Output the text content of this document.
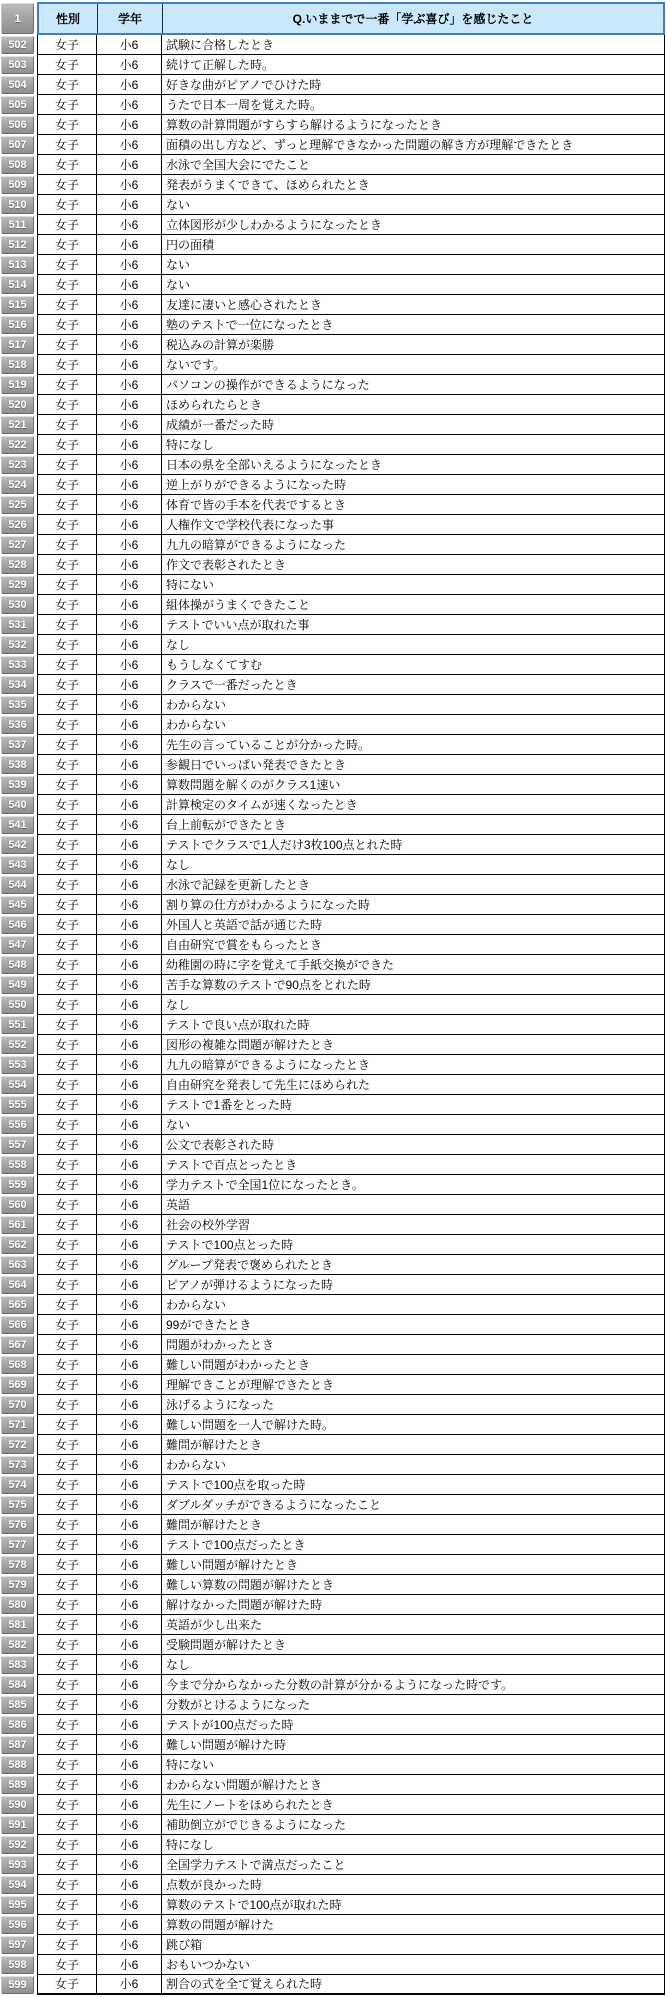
1	性別	学年	Q.いままでで一番「学ぶ喜び」を感じたこと
502	女子	小6	試験に合格したとき
503	女子	小6	続けて正解した時。
504	女子	小6	好きな曲がピアノでひけた時
505	女子	小6	うたで日本一周を覚えた時。
506	女子	小6	算数の計算問題がすらすら解けるようになったとき
507	女子	小6	面積の出し方など、ずっと理解できなかった問題の解き方が理解できたとき
508	女子	小6	水泳で全国大会にでたこと
509	女子	小6	発表がうまくできて、ほめられたとき
510	女子	小6	ない
511	女子	小6	立体図形が少しわかるようになったとき
512	女子	小6	円の面積
513	女子	小6	ない
514	女子	小6	ない
515	女子	小6	友達に凄いと感心されたとき
516	女子	小6	塾のテストで一位になったとき
517	女子	小6	税込みの計算が楽勝
518	女子	小6	ないです。
519	女子	小6	パソコンの操作ができるようになった
520	女子	小6	ほめられたらとき
521	女子	小6	成績が一番だった時
522	女子	小6	特になし
523	女子	小6	日本の県を全部いえるようになったとき
524	女子	小6	逆上がりができるようになった時
525	女子	小6	体育で皆の手本を代表でするとき
526	女子	小6	人権作文で学校代表になった事
527	女子	小6	九九の暗算ができるようになった
528	女子	小6	作文で表彰されたとき
529	女子	小6	特にない
530	女子	小6	組体操がうまくできたこと
531	女子	小6	テストでいい点が取れた事
532	女子	小6	なし
533	女子	小6	もうしなくてすむ
534	女子	小6	クラスで一番だったとき
535	女子	小6	わからない
536	女子	小6	わからない
537	女子	小6	先生の言っていることが分かった時。
538	女子	小6	参観日でいっぱい発表できたとき
539	女子	小6	算数問題を解くのがクラス1速い
540	女子	小6	計算検定のタイムが速くなったとき
541	女子	小6	台上前転ができたとき
542	女子	小6	テストでクラスで1人だけ3枚100点とれた時
543	女子	小6	なし
544	女子	小6	水泳で記録を更新したとき
545	女子	小6	割り算の仕方がわかるようになった時
546	女子	小6	外国人と英語で話が通じた時
547	女子	小6	自由研究で賞をもらったとき
548	女子	小6	幼稚園の時に字を覚えて手紙交換ができた
549	女子	小6	苦手な算数のテストで90点をとれた時
550	女子	小6	なし
551	女子	小6	テストで良い点が取れた時
552	女子	小6	図形の複雑な問題が解けたとき
553	女子	小6	九九の暗算ができるようになったとき
554	女子	小6	自由研究を発表して先生にほめられた
555	女子	小6	テストで1番をとった時
556	女子	小6	ない
557	女子	小6	公文で表彰された時
558	女子	小6	テストで百点とったとき
559	女子	小6	学力テストで全国1位になったとき。
560	女子	小6	英語
561	女子	小6	社会の校外学習
562	女子	小6	テストで100点とった時
563	女子	小6	グループ発表で褒められたとき
564	女子	小6	ピアノが弾けるようになった時
565	女子	小6	わからない
566	女子	小6	99ができたとき
567	女子	小6	問題がわかったとき
568	女子	小6	難しい問題がわかったとき
569	女子	小6	理解できことが理解できたとき
570	女子	小6	泳げるようになった
571	女子	小6	難しい問題を一人で解けた時。
572	女子	小6	難問が解けたとき
573	女子	小6	わからない
574	女子	小6	テストで100点を取った時
575	女子	小6	ダブルダッチができるようになったこと
576	女子	小6	難問が解けたとき
577	女子	小6	テストで100点だったとき
578	女子	小6	難しい問題が解けたとき
579	女子	小6	難しい算数の問題が解けたとき
580	女子	小6	解けなかった問題が解けた時
581	女子	小6	英語が少し出来た
582	女子	小6	受験問題が解けたとき
583	女子	小6	なし
584	女子	小6	今まで分からなかった分数の計算が分かるようになった時です。
585	女子	小6	分数がとけるようになった
586	女子	小6	テストが100点だった時
587	女子	小6	難しい問題が解けた時
588	女子	小6	特にない
589	女子	小6	わからない問題が解けたとき
590	女子	小6	先生にノートをほめられたとき
591	女子	小6	補助倒立がでじきるようになった
592	女子	小6	特になし
593	女子	小6	全国学力テストで満点だったこと
594	女子	小6	点数が良かった時
595	女子	小6	算数のテストで100点が取れた時
596	女子	小6	算数の問題が解けた
597	女子	小6	跳び箱
598	女子	小6	おもいつかない
599	女子	小6	割合の式を全て覚えられた時
